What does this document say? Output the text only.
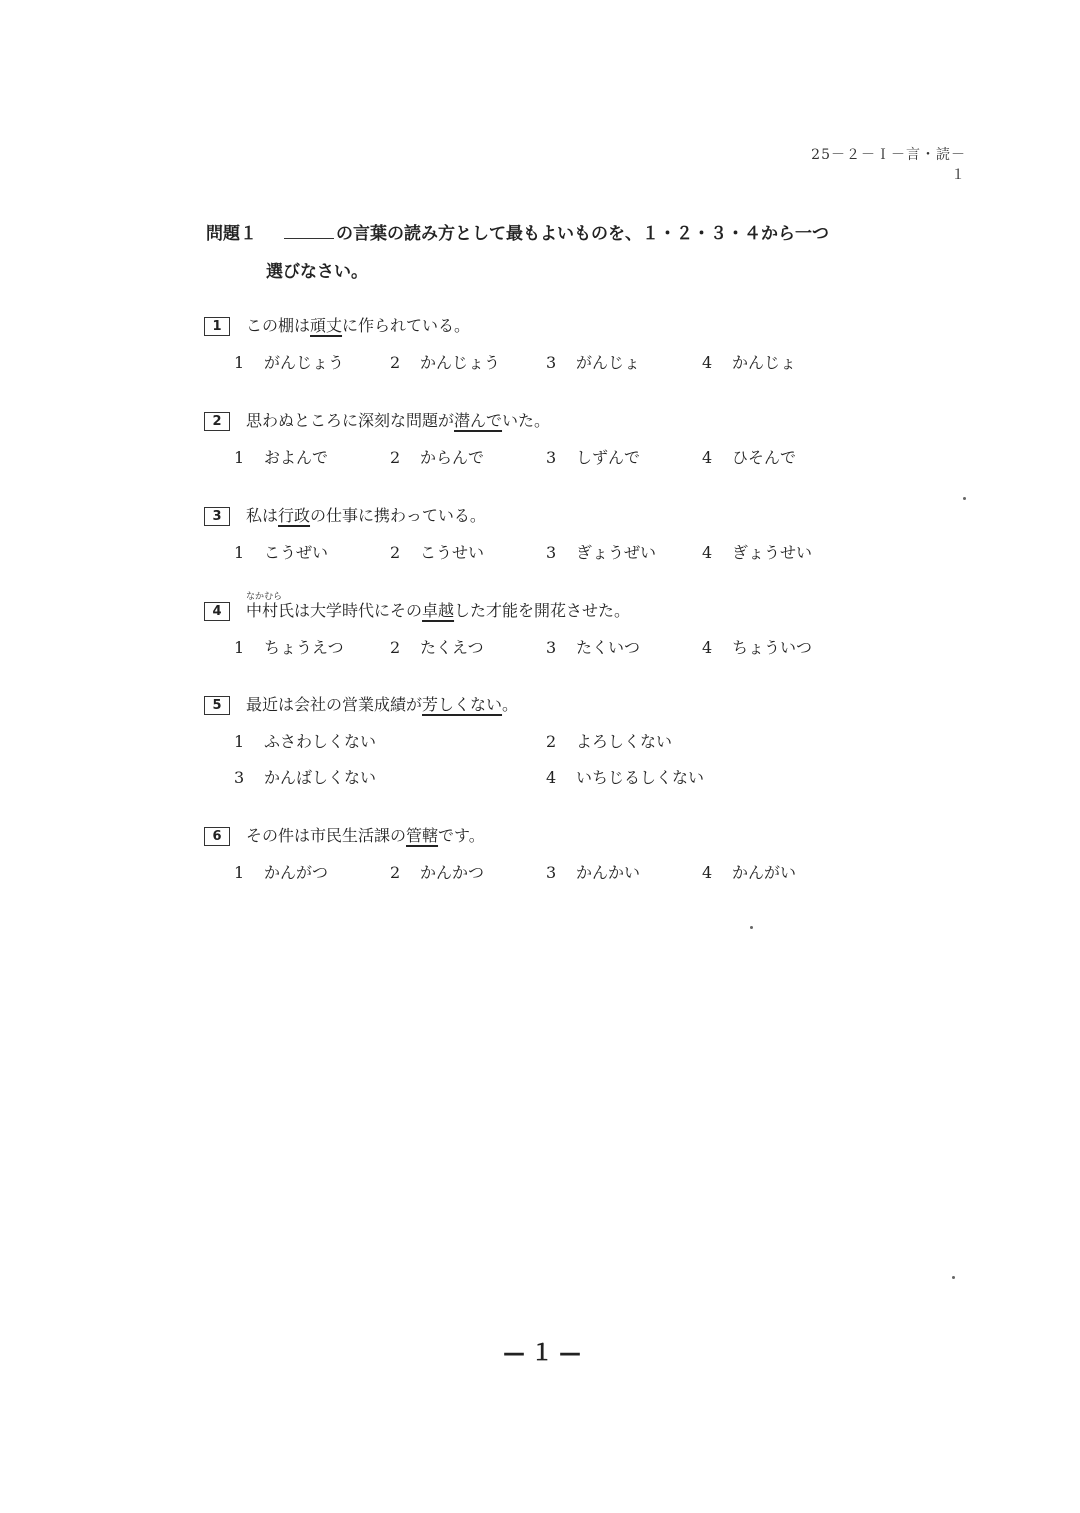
25－２－Ｉ－言・読－１
問題１	の言葉の読み方として最もよいものを、１・２・３・４から一つ
選びなさい。
1 この棚は頑丈に作られている。
1 がんじょう	2 かんじょう	3 がんじょ	4 かんじょ
2 思わぬところに深刻な問題が潜んでいた。
1 およんで	2 からんで	3 しずんで	4 ひそんで
3 私は行政の仕事に携わっている。
1 こうぜい	2 こうせい	3 ぎょうぜい	4 ぎょうせい
4
なかむら
中村氏は大学時代にその卓越した才能を開花させた。
1 ちょうえつ	2 たくえつ	3 たくいつ	4 ちょういつ
5 最近は会社の営業成績が芳しくない。
1 ふさわしくない	2 よろしくない
3 かんばしくない	4 いちじるしくない
6 その件は市民生活課の管轄です。
1 かんがつ	2 かんかつ	3 かんかい	4 かんがい
—１—
